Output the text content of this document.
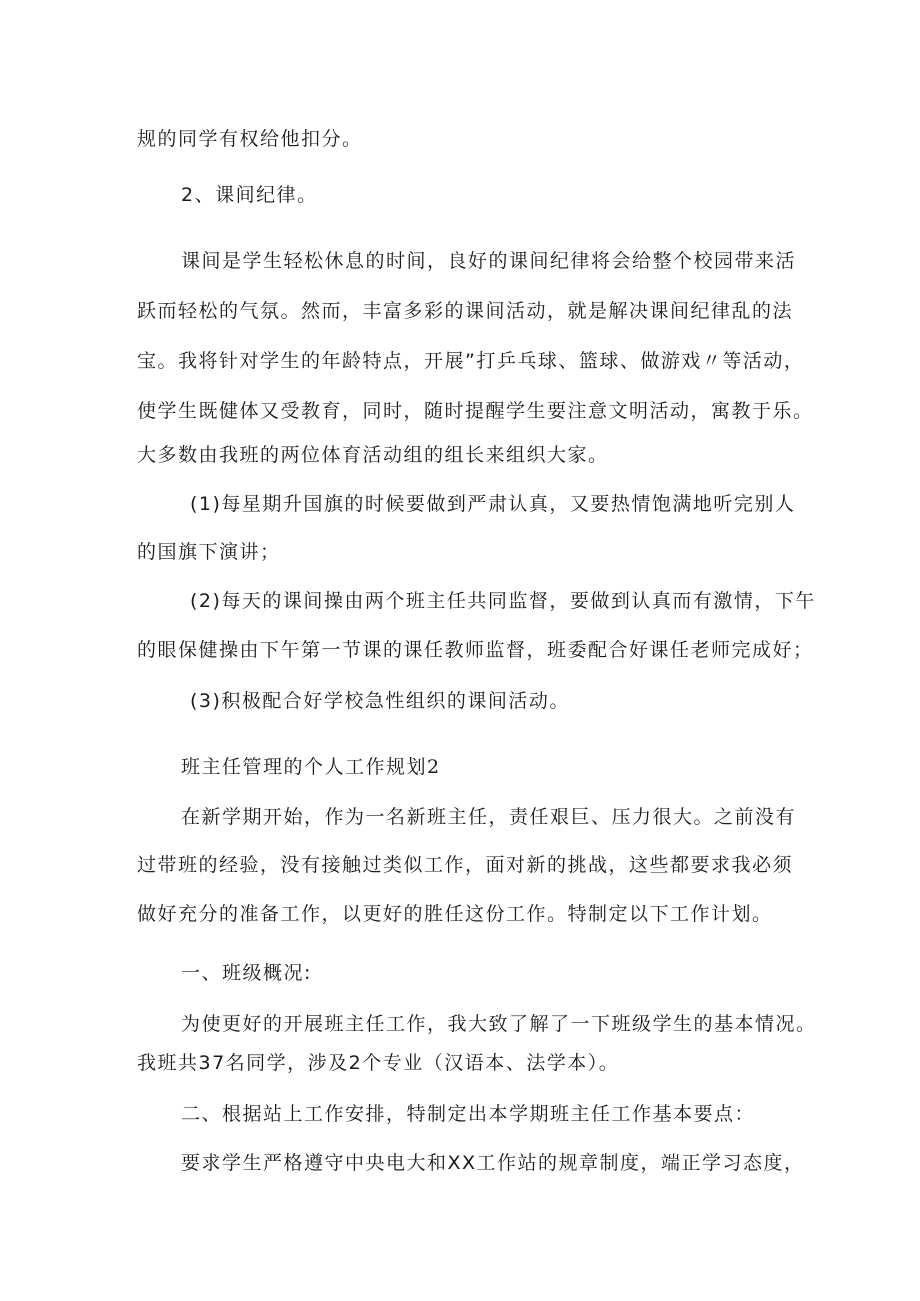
规的同学有权给他扣分。
2、课间纪律。
课间是学生轻松休息的时间，良好的课间纪律将会给整个校园带来活
跃而轻松的气氛。然而，丰富多彩的课间活动，就是解决课间纪律乱的法
宝。我将针对学生的年龄特点，开展”打乒乓球、篮球、做游戏〃等活动，
使学生既健体又受教育，同时，随时提醒学生要注意文明活动，寓教于乐。
大多数由我班的两位体育活动组的组长来组织大家。
(1)每星期升国旗的时候要做到严肃认真，又要热情饱满地听完别人
的国旗下演讲；
(2)每天的课间操由两个班主任共同监督，要做到认真而有激情，下午
的眼保健操由下午第一节课的课任教师监督，班委配合好课任老师完成好；
(3)积极配合好学校急性组织的课间活动。
班主任管理的个人工作规划2
在新学期开始，作为一名新班主任，责任艰巨、压力很大。之前没有
过带班的经验，没有接触过类似工作，面对新的挑战，这些都要求我必须
做好充分的准备工作，以更好的胜任这份工作。特制定以下工作计划。
一、班级概况:
为使更好的开展班主任工作，我大致了解了一下班级学生的基本情况。
我班共37名同学，涉及2个专业（汉语本、法学本）。
二、根据站上工作安排，特制定出本学期班主任工作基本要点：
要求学生严格遵守中央电大和XX工作站的规章制度，端正学习态度，
